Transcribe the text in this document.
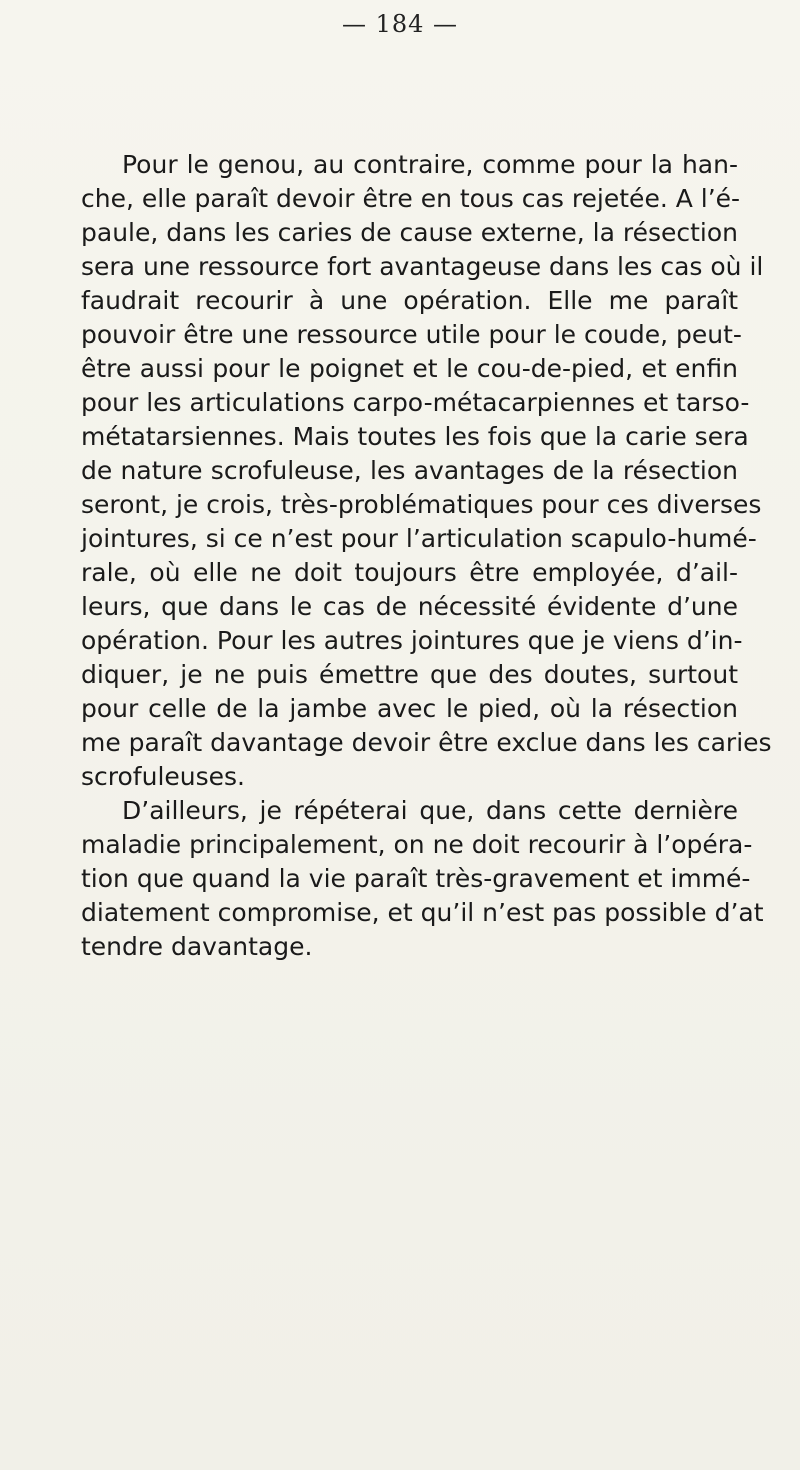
— 184 —
Pour le genou, au contraire, comme pour la han-
che, elle paraît devoir être en tous cas rejetée. A l’é-
paule, dans les caries de cause externe, la résection
sera une ressource fort avantageuse dans les cas où il
faudrait recourir à une opération. Elle me paraît
pouvoir être une ressource utile pour le coude, peut-
être aussi pour le poignet et le cou-de-pied, et enfin
pour les articulations carpo-métacarpiennes et tarso-
métatarsiennes. Mais toutes les fois que la carie sera
de nature scrofuleuse, les avantages de la résection
seront, je crois, très-problématiques pour ces diverses
jointures, si ce n’est pour l’articulation scapulo-humé-
rale, où elle ne doit toujours être employée, d’ail-
leurs, que dans le cas de nécessité évidente d’une
opération. Pour les autres jointures que je viens d’in-
diquer, je ne puis émettre que des doutes, surtout
pour celle de la jambe avec le pied, où la résection
me paraît davantage devoir être exclue dans les caries
scrofuleuses.
D’ailleurs, je répéterai que, dans cette dernière
maladie principalement, on ne doit recourir à l’opéra-
tion que quand la vie paraît très-gravement et immé-
diatement compromise, et qu’il n’est pas possible d’at
tendre davantage.
